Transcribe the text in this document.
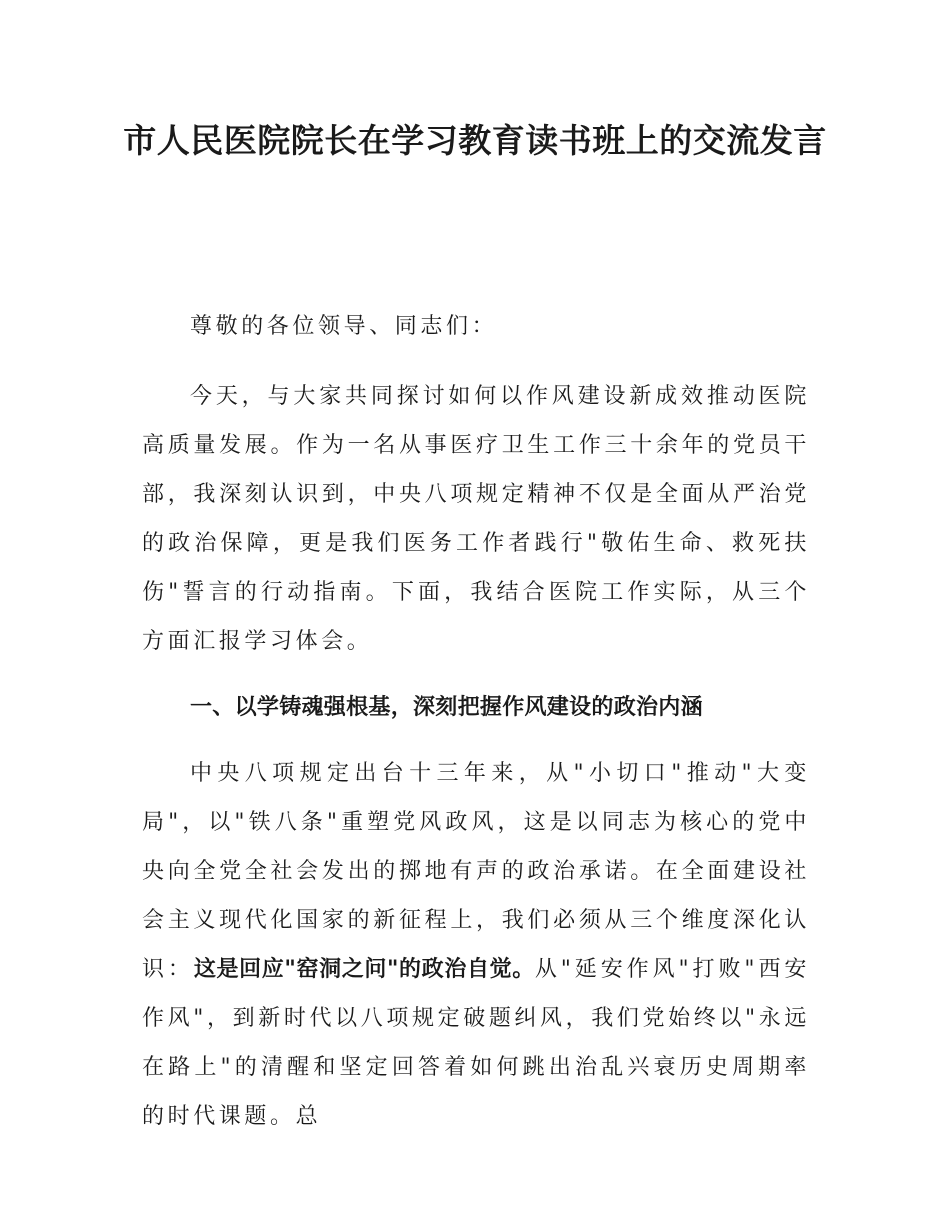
市人民医院院长在学习教育读书班上的交流发言

尊敬的各位领导、同志们：

今天，与大家共同探讨如何以作风建设新成效推动医院高质量发展。作为一名从事医疗卫生工作三十余年的党员干部，我深刻认识到，中央八项规定精神不仅是全面从严治党的政治保障，更是我们医务工作者践行"敬佑生命、救死扶伤"誓言的行动指南。下面，我结合医院工作实际，从三个方面汇报学习体会。

一、以学铸魂强根基，深刻把握作风建设的政治内涵

中央八项规定出台十三年来，从"小切口"推动"大变局"，以"铁八条"重塑党风政风，这是以同志为核心的党中央向全党全社会发出的掷地有声的政治承诺。在全面建设社会主义现代化国家的新征程上，我们必须从三个维度深化认识：这是回应"窑洞之问"的政治自觉。从"延安作风"打败"西安作风"，到新时代以八项规定破题纠风，我们党始终以"永远在路上"的清醒和坚定回答着如何跳出治乱兴衰历史周期率的时代课题。总
